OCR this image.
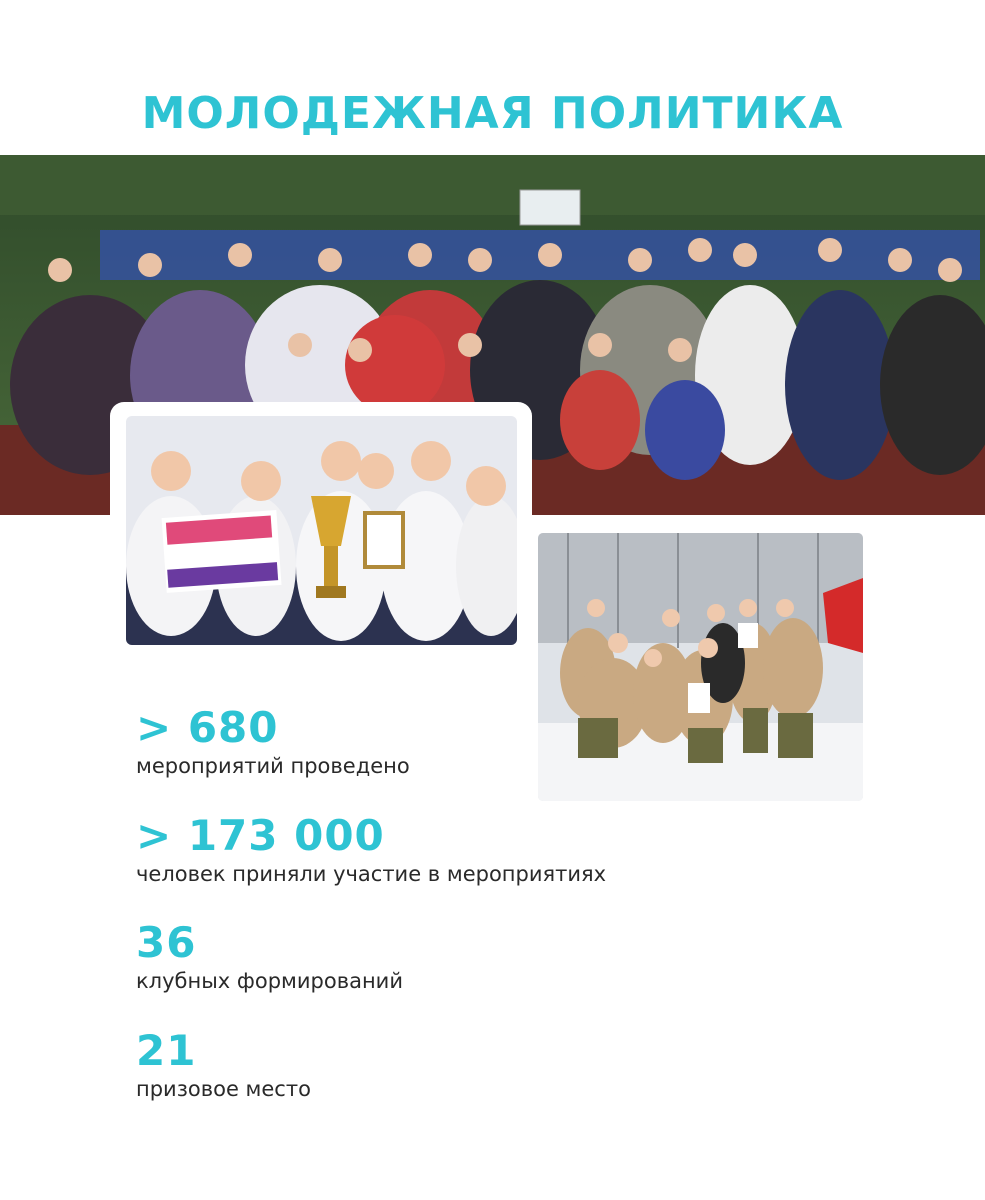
МОЛОДЕЖНАЯ ПОЛИТИКА
> 680
мероприятий проведено
> 173 000
человек приняли участие в мероприятиях
36
клубных формирований
21
призовое место
